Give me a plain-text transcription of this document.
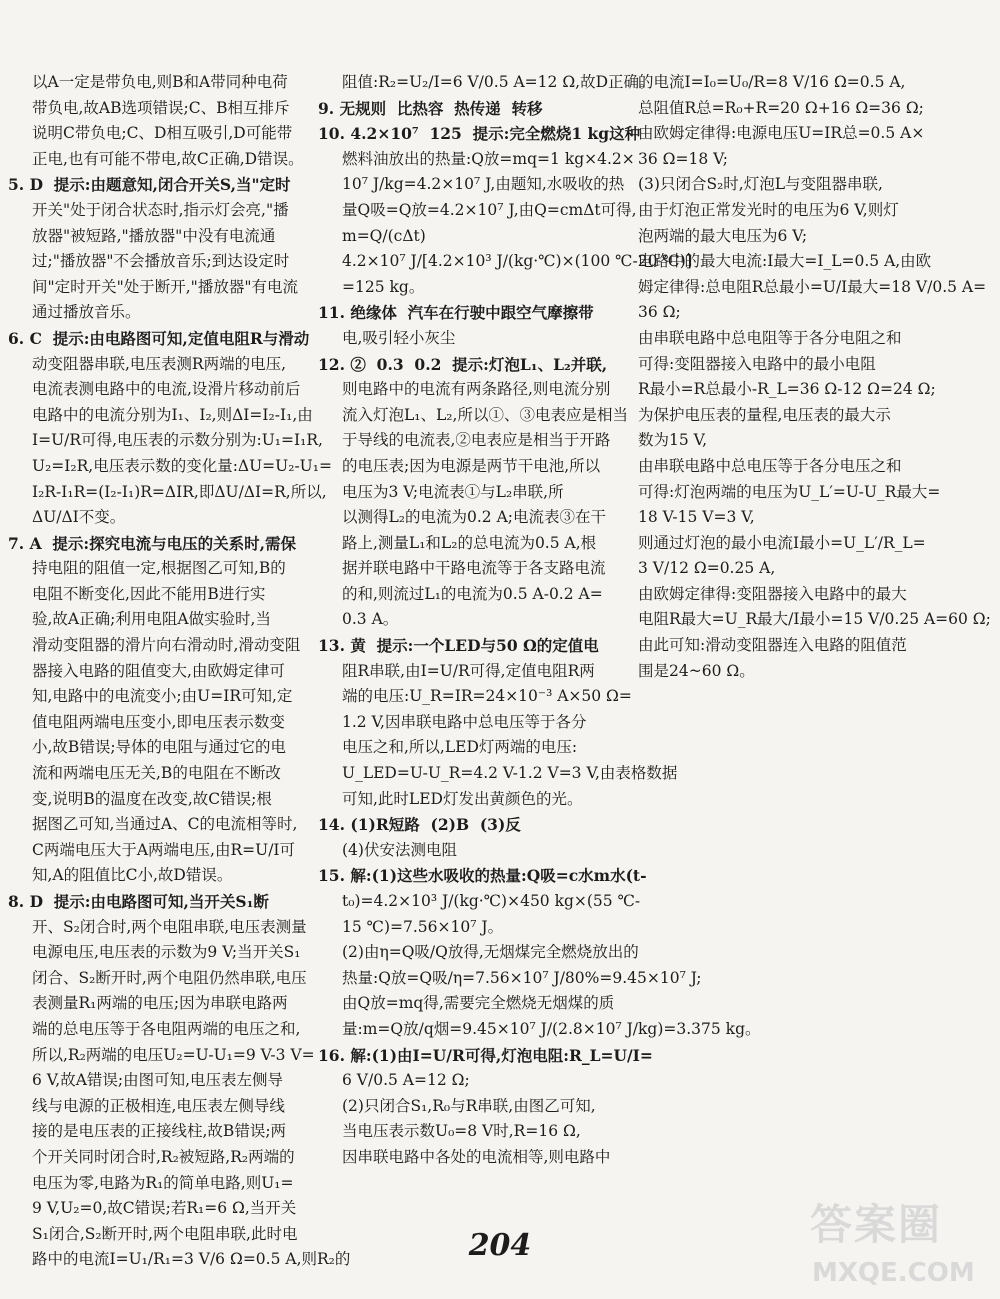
以A一定是带负电,则B和A带同种电荷
带负电,故AB选项错误;C、B相互排斥
说明C带负电;C、D相互吸引,D可能带
正电,也有可能不带电,故C正确,D错误。
5. D  提示:由题意知,闭合开关S,当"定时
开关"处于闭合状态时,指示灯会亮,"播
放器"被短路,"播放器"中没有电流通
过;"播放器"不会播放音乐;到达设定时
间"定时开关"处于断开,"播放器"有电流
通过播放音乐。
6. C  提示:由电路图可知,定值电阻R与滑动
动变阻器串联,电压表测R两端的电压,
电流表测电路中的电流,设滑片移动前后
电路中的电流分别为I₁、I₂,则ΔI=I₂-I₁,由
I=U/R可得,电压表的示数分别为:U₁=I₁R,
U₂=I₂R,电压表示数的变化量:ΔU=U₂-U₁=
I₂R-I₁R=(I₂-I₁)R=ΔIR,即ΔU/ΔI=R,所以,
ΔU/ΔI不变。
7. A  提示:探究电流与电压的关系时,需保
持电阻的阻值一定,根据图乙可知,B的
电阻不断变化,因此不能用B进行实
验,故A正确;利用电阻A做实验时,当
滑动变阻器的滑片向右滑动时,滑动变阻
器接入电路的阻值变大,由欧姆定律可
知,电路中的电流变小;由U=IR可知,定
值电阻两端电压变小,即电压表示数变
小,故B错误;导体的电阻与通过它的电
流和两端电压无关,B的电阻在不断改
变,说明B的温度在改变,故C错误;根
据图乙可知,当通过A、C的电流相等时,
C两端电压大于A两端电压,由R=U/I可
知,A的阻值比C小,故D错误。
8. D  提示:由电路图可知,当开关S₁断
开、S₂闭合时,两个电阻串联,电压表测量
电源电压,电压表的示数为9 V;当开关S₁
闭合、S₂断开时,两个电阻仍然串联,电压
表测量R₁两端的电压;因为串联电路两
端的总电压等于各电阻两端的电压之和,
所以,R₂两端的电压U₂=U-U₁=9 V-3 V=
6 V,故A错误;由图可知,电压表左侧导
线与电源的正极相连,电压表左侧导线
接的是电压表的正接线柱,故B错误;两
个开关同时闭合时,R₂被短路,R₂两端的
电压为零,电路为R₁的简单电路,则U₁=
9 V,U₂=0,故C错误;若R₁=6 Ω,当开关
S₁闭合,S₂断开时,两个电阻串联,此时电
路中的电流I=U₁/R₁=3 V/6 Ω=0.5 A,则R₂的
阻值:R₂=U₂/I=6 V/0.5 A=12 Ω,故D正确。
9. 无规则  比热容  热传递  转移
10. 4.2×10⁷  125  提示:完全燃烧1 kg这种
燃料油放出的热量:Q放=mq=1 kg×4.2×
10⁷ J/kg=4.2×10⁷ J,由题知,水吸收的热
量Q吸=Q放=4.2×10⁷ J,由Q=cmΔt可得,
m=Q/(cΔt)
4.2×10⁷ J/[4.2×10³ J/(kg·℃)×(100 ℃-20 ℃)]
=125 kg。
11. 绝缘体  汽车在行驶中跟空气摩擦带
电,吸引轻小灰尘
12. ②  0.3  0.2  提示:灯泡L₁、L₂并联,
则电路中的电流有两条路径,则电流分别
流入灯泡L₁、L₂,所以①、③电表应是相当
于导线的电流表,②电表应是相当于开路
的电压表;因为电源是两节干电池,所以
电压为3 V;电流表①与L₂串联,所
以测得L₂的电流为0.2 A;电流表③在干
路上,测量L₁和L₂的总电流为0.5 A,根
据并联电路中干路电流等于各支路电流
的和,则流过L₁的电流为0.5 A-0.2 A=
0.3 A。
13. 黄  提示:一个LED与50 Ω的定值电
阻R串联,由I=U/R可得,定值电阻R两
端的电压:U_R=IR=24×10⁻³ A×50 Ω=
1.2 V,因串联电路中总电压等于各分
电压之和,所以,LED灯两端的电压:
U_LED=U-U_R=4.2 V-1.2 V=3 V,由表格数据
可知,此时LED灯发出黄颜色的光。
14. (1)R短路  (2)B  (3)反
(4)伏安法测电阻
15. 解:(1)这些水吸收的热量:Q吸=c水m水(t-
t₀)=4.2×10³ J/(kg·℃)×450 kg×(55 ℃-
15 ℃)=7.56×10⁷ J。
(2)由η=Q吸/Q放得,无烟煤完全燃烧放出的
热量:Q放=Q吸/η=7.56×10⁷ J/80%=9.45×10⁷ J;
由Q放=mq得,需要完全燃烧无烟煤的质
量:m=Q放/q烟=9.45×10⁷ J/(2.8×10⁷ J/kg)=3.375 kg。
16. 解:(1)由I=U/R可得,灯泡电阻:R_L=U/I=
6 V/0.5 A=12 Ω;
(2)只闭合S₁,R₀与R串联,由图乙可知,
当电压表示数U₀=8 V时,R=16 Ω,
因串联电路中各处的电流相等,则电路中
的电流I=I₀=U₀/R=8 V/16 Ω=0.5 A,
总阻值R总=R₀+R=20 Ω+16 Ω=36 Ω;
由欧姆定律得:电源电压U=IR总=0.5 A×
36 Ω=18 V;
(3)只闭合S₂时,灯泡L与变阻器串联,
由于灯泡正常发光时的电压为6 V,则灯
泡两端的最大电压为6 V;
电路中的最大电流:I最大=I_L=0.5 A,由欧
姆定律得:总电阻R总最小=U/I最大=18 V/0.5 A=
36 Ω;
由串联电路中总电阻等于各分电阻之和
可得:变阻器接入电路中的最小电阻
R最小=R总最小-R_L=36 Ω-12 Ω=24 Ω;
为保护电压表的量程,电压表的最大示
数为15 V,
由串联电路中总电压等于各分电压之和
可得:灯泡两端的电压为U_L′=U-U_R最大=
18 V-15 V=3 V,
则通过灯泡的最小电流I最小=U_L′/R_L=
3 V/12 Ω=0.25 A,
由欧姆定律得:变阻器接入电路中的最大
电阻R最大=U_R最大/I最小=15 V/0.25 A=60 Ω;
由此可知:滑动变阻器连入电路的阻值范
围是24~60 Ω。
204	答案圈
MXQE.COM
